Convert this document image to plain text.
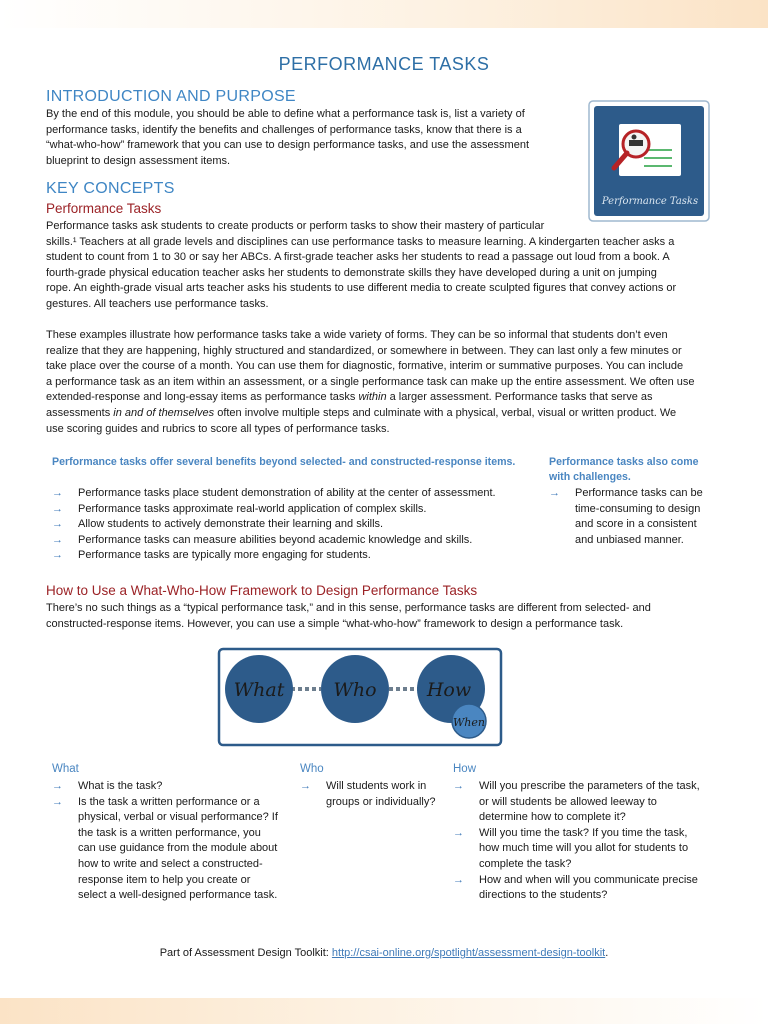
PERFORMANCE TASKS
INTRODUCTION AND PURPOSE
By the end of this module, you should be able to define what a performance task is, list a variety of
performance tasks, identify the benefits and challenges of performance tasks, know that there is a
“what-who-how” framework that you can use to design performance tasks, and use the assessment
blueprint to design assessment items.
Performance Tasks
KEY CONCEPTS
Performance Tasks
Performance tasks ask students to create products or perform tasks to show their mastery of particular
skills.¹ Teachers at all grade levels and disciplines can use performance tasks to measure learning. A kindergarten teacher asks a
student to count from 1 to 30 or say her ABCs. A first-grade teacher asks her students to read a passage out loud from a book. A
fourth-grade physical education teacher asks her students to demonstrate skills they have developed during a unit on jumping
rope. An eighth-grade visual arts teacher asks his students to use different media to create sculpted figures that convey actions or
gestures. All teachers use performance tasks.
These examples illustrate how performance tasks take a wide variety of forms. They can be so informal that students don’t even
realize that they are happening, highly structured and standardized, or somewhere in between. They can last only a few minutes or
take place over the course of a month. You can use them for diagnostic, formative, interim or summative purposes. You can include
a performance task as an item within an assessment, or a single performance task can make up the entire assessment. We often use
extended-response and long-essay items as performance tasks within a larger assessment. Performance tasks that serve as
assessments in and of themselves often involve multiple steps and culminate with a physical, verbal, visual or written product. We
use scoring guides and rubrics to score all types of performance tasks.
Performance tasks offer several benefits beyond selected- and constructed-response items.
→ Performance tasks place student demonstration of ability at the center of assessment.
→ Performance tasks approximate real-world application of complex skills.
→ Allow students to actively demonstrate their learning and skills.
→ Performance tasks can measure abilities beyond academic knowledge and skills.
→ Performance tasks are typically more engaging for students.
Performance tasks also come
with challenges.
→ Performance tasks can be
time-consuming to design
and score in a consistent
and unbiased manner.
How to Use a What-Who-How Framework to Design Performance Tasks
There’s no such things as a “typical performance task,” and in this sense, performance tasks are different from selected- and
constructed-response items. However, you can use a simple “what-who-how” framework to design a performance task.
What	Who	How
When
What
→ What is the task?
→ Is the task a written performance or a
physical, verbal or visual performance? If
the task is a written performance, you
can use guidance from the module about
how to write and select a constructed-
response item to help you create or
select a well-designed performance task.
Who
→ Will students work in
groups or individually?
How
→ Will you prescribe the parameters of the task,
or will students be allowed leeway to
determine how to complete it?
→ Will you time the task? If you time the task,
how much time will you allot for students to
complete the task?
→ How and when will you communicate precise
directions to the students?
Part of Assessment Design Toolkit: http://csai-online.org/spotlight/assessment-design-toolkit.
